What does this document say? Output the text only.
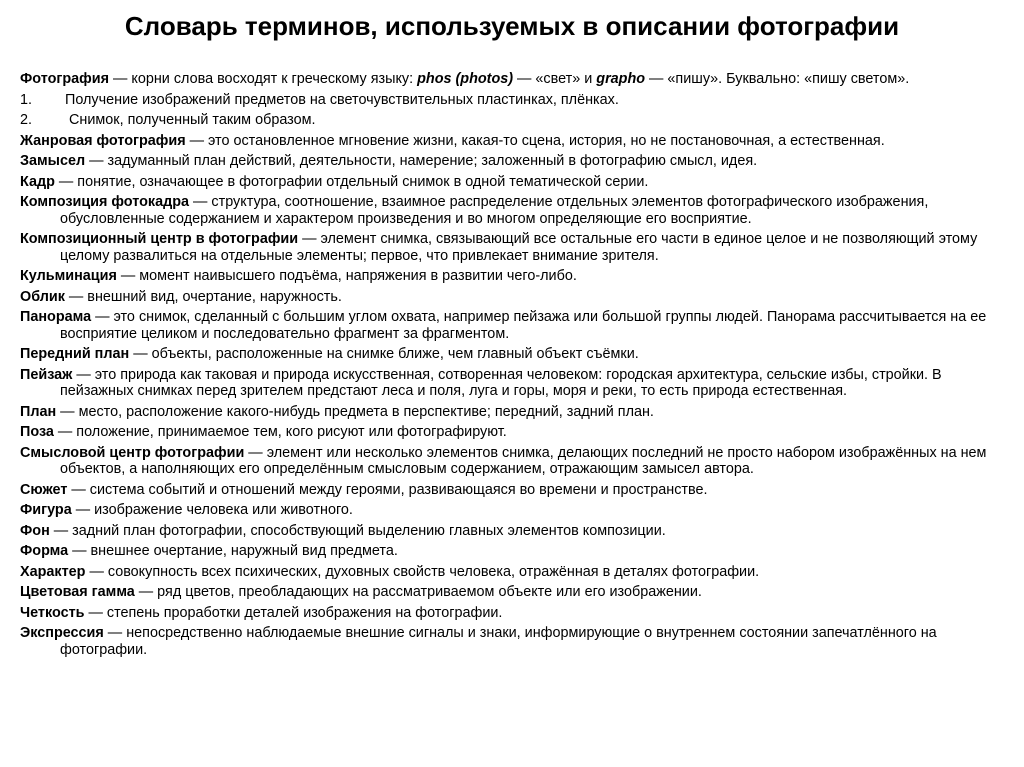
Словарь терминов, используемых в описании фотографии
Фотография — корни слова восходят к греческому языку: phos (photos) — «свет» и grapho — «пишу». Буквально: «пишу светом».
1. Получение изображений предметов на светочувствительных пластинках, плёнках.
2. Снимок, полученный таким образом.
Жанровая фотография — это остановленное мгновение жизни, какая-то сцена, история, но не постановочная, а естественная.
Замысел — задуманный план действий, деятельности, намерение; заложенный в фотографию смысл, идея.
Кадр — понятие, означающее в фотографии отдельный снимок в одной тематической серии.
Композиция фотокадра — структура, соотношение, взаимное распределение отдельных элементов фотографического изображения, обусловленные содержанием и характером произведения и во многом определяющие его восприятие.
Композиционный центр в фотографии — элемент снимка, связывающий все остальные его части в единое целое и не позволяющий этому целому развалиться на отдельные элементы; первое, что привлекает внимание зрителя.
Кульминация — момент наивысшего подъёма, напряжения в развитии чего-либо.
Облик — внешний вид, очертание, наружность.
Панорама — это снимок, сделанный с большим углом охвата, например пейзажа или большой группы людей. Панорама рассчитывается на ее восприятие целиком и последовательно фрагмент за фрагментом.
Передний план — объекты, расположенные на снимке ближе, чем главный объект съёмки.
Пейзаж — это природа как таковая и природа искусственная, сотворенная человеком: городская архитектура, сельские избы, стройки. В пейзажных снимках перед зрителем предстают леса и поля, луга и горы, моря и реки, то есть природа естественная.
План — место, расположение какого-нибудь предмета в перспективе; передний, задний план.
Поза — положение, принимаемое тем, кого рисуют или фотографируют.
Смысловой центр фотографии — элемент или несколько элементов снимка, делающих последний не просто набором изображённых на нем объектов, а наполняющих его определённым смысловым содержанием, отражающим замысел автора.
Сюжет — система событий и отношений между героями, развивающаяся во времени и пространстве.
Фигура — изображение человека или животного.
Фон — задний план фотографии, способствующий выделению главных элементов композиции.
Форма — внешнее очертание, наружный вид предмета.
Характер — совокупность всех психических, духовных свойств человека, отражённая в деталях фотографии.
Цветовая гамма — ряд цветов, преобладающих на рассматриваемом объекте или его изображении.
Четкость — степень проработки деталей изображения на фотографии.
Экспрессия — непосредственно наблюдаемые внешние сигналы и знаки, информирующие о внутреннем состоянии запечатлённого на фотографии.
